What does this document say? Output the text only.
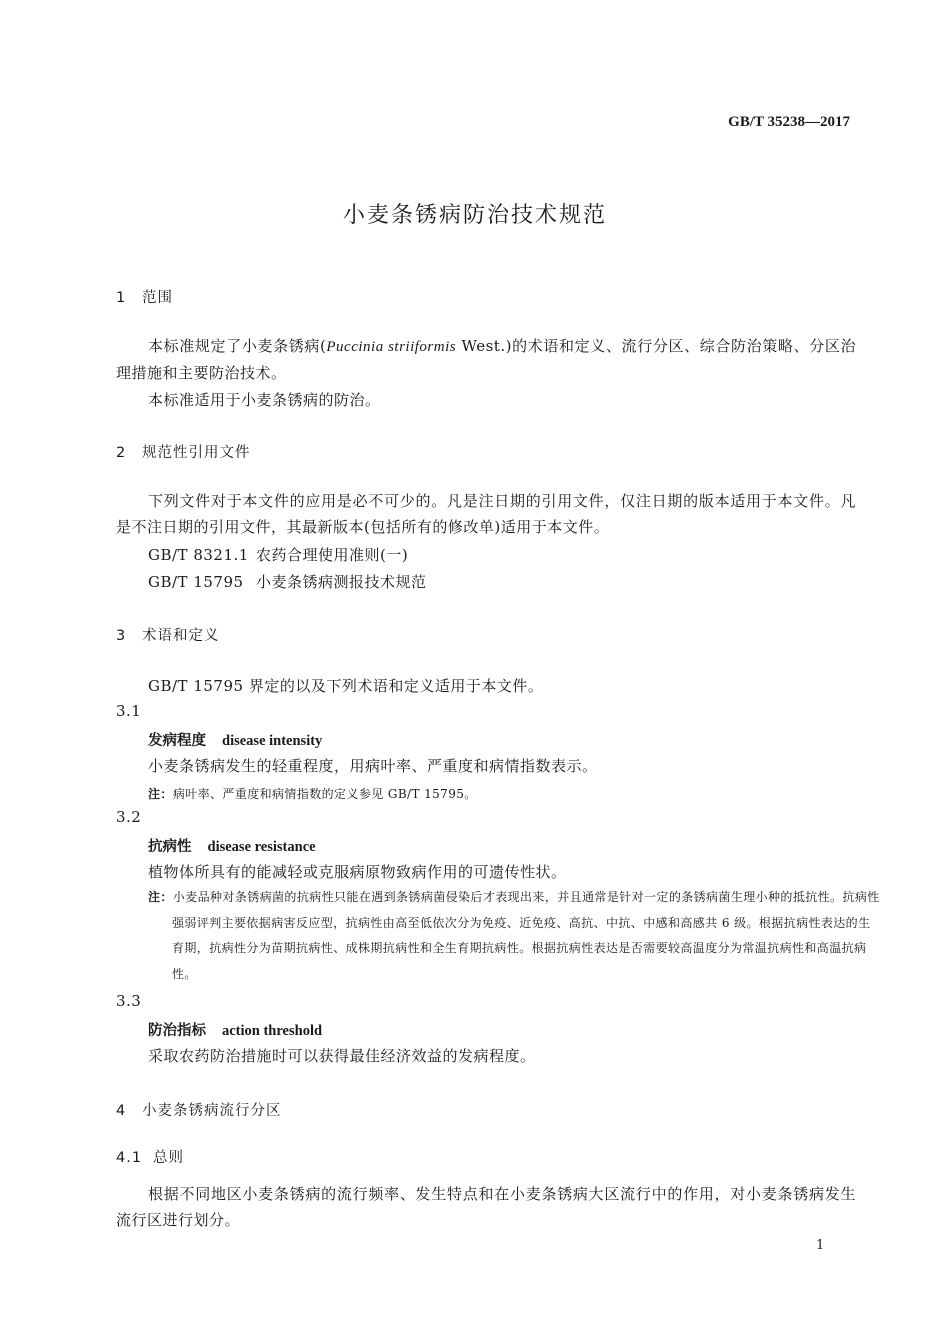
GB/T 35238—2017
小麦条锈病防治技术规范
1 范围
本标准规定了小麦条锈病(Puccinia striiformis West.)的术语和定义、流行分区、综合防治策略、分区治理措施和主要防治技术。
本标准适用于小麦条锈病的防治。
2 规范性引用文件
下列文件对于本文件的应用是必不可少的。凡是注日期的引用文件，仅注日期的版本适用于本文件。凡是不注日期的引用文件，其最新版本(包括所有的修改单)适用于本文件。
GB/T 8321.1 农药合理使用准则(一)
GB/T 15795 小麦条锈病测报技术规范
3 术语和定义
GB/T 15795 界定的以及下列术语和定义适用于本文件。
3.1
发病程度 disease intensity
小麦条锈病发生的轻重程度，用病叶率、严重度和病情指数表示。
注：病叶率、严重度和病情指数的定义参见 GB/T 15795。
3.2
抗病性 disease resistance
植物体所具有的能减轻或克服病原物致病作用的可遗传性状。
注：小麦品种对条锈病菌的抗病性只能在遇到条锈病菌侵染后才表现出来，并且通常是针对一定的条锈病菌生理小种的抵抗性。抗病性强弱评判主要依据病害反应型，抗病性由高至低依次分为免疫、近免疫、高抗、中抗、中感和高感共 6 级。根据抗病性表达的生育期，抗病性分为苗期抗病性、成株期抗病性和全生育期抗病性。根据抗病性表达是否需要较高温度分为常温抗病性和高温抗病性。
3.3
防治指标 action threshold
采取农药防治措施时可以获得最佳经济效益的发病程度。
4 小麦条锈病流行分区
4.1 总则
根据不同地区小麦条锈病的流行频率、发生特点和在小麦条锈病大区流行中的作用，对小麦条锈病发生流行区进行划分。
1
